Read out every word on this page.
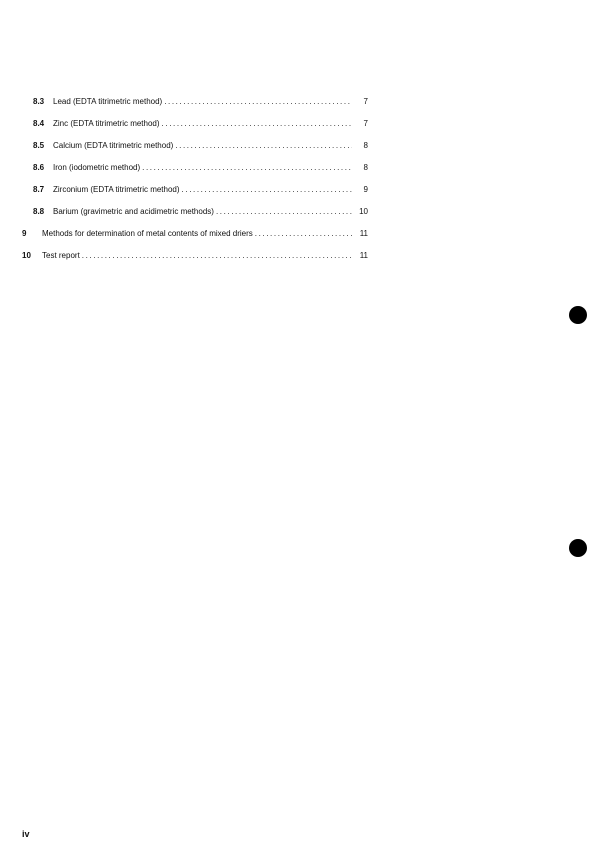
8.3 Lead (EDTA titrimetric method) .....	7
8.4 Zinc (EDTA titrimetric method) .....	7
8.5 Calcium (EDTA titrimetric method) .....	8
8.6 Iron (iodometric method) .....	8
8.7 Zirconium (EDTA titrimetric method) .....	9
8.8 Barium (gravimetric and acidimetric methods) .....	10
9 Methods for determination of metal contents of mixed driers .....	11
10 Test report .....	11
iv
